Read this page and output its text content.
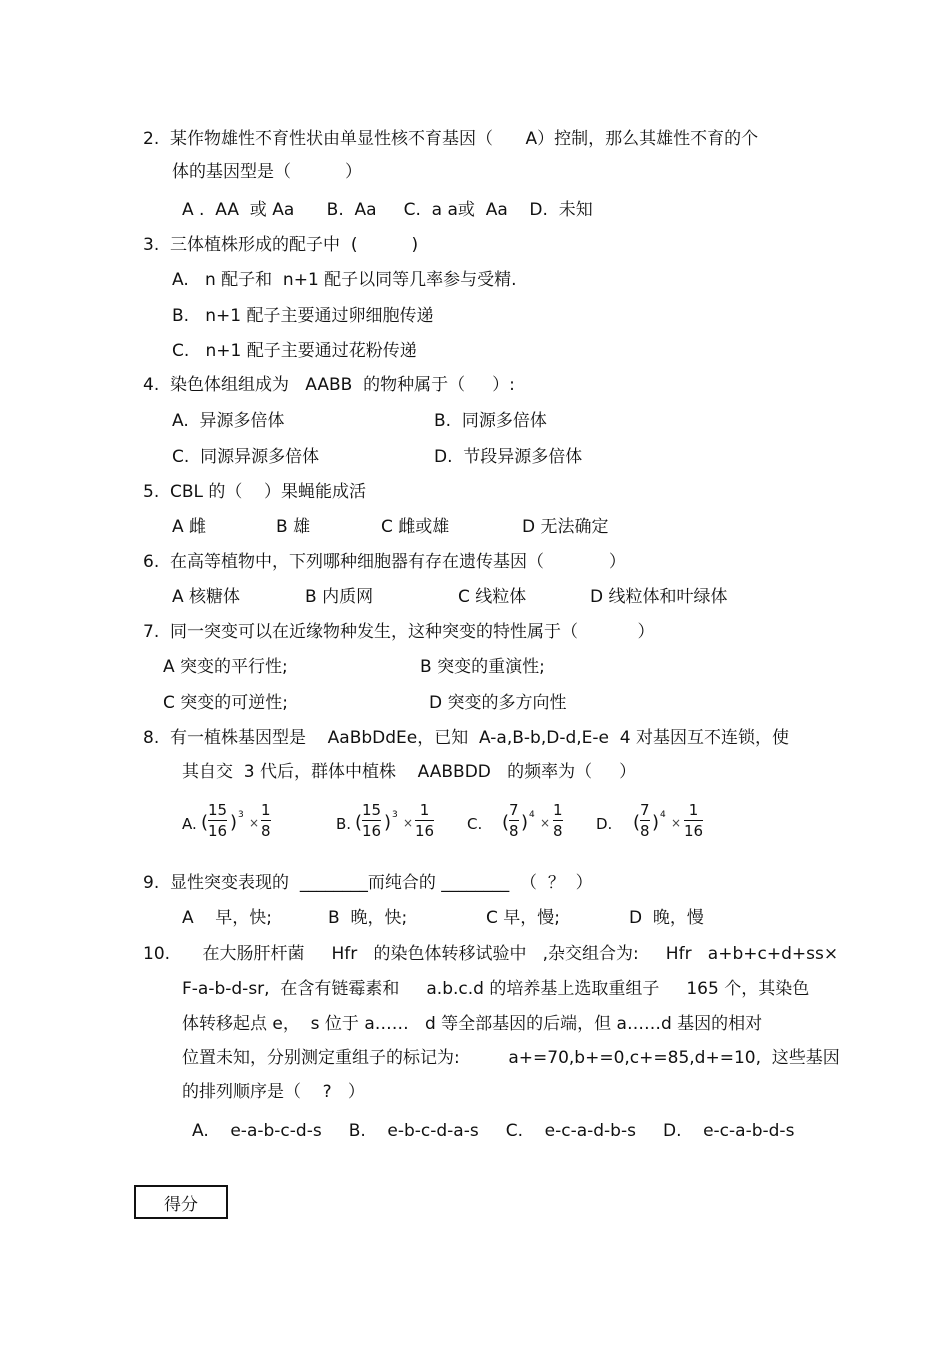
2.  某作物雄性不育性状由单显性核不育基因（      A）控制，那么其雄性不育的个
体的基因型是（          ）
A .  AA  或 Aa      B.  Aa     C.  a a或  Aa    D.  未知
3.  三体植株形成的配子中  (          )
A.   n 配子和  n+1 配子以同等几率参与受精.
B.   n+1 配子主要通过卵细胞传递
C.   n+1 配子主要通过花粉传递
4.  染色体组组成为   AABB  的物种属于（     ）:
A.  异源多倍体	B.  同源多倍体
C.  同源异源多倍体	D.  节段异源多倍体
5.  CBL 的（    ）果蝇能成活
A 雌	B 雄	C 雌或雄	D 无法确定
6.  在高等植物中，下列哪种细胞器有存在遗传基因（            ）
A 核糖体	B 内质网	C 线粒体	D 线粒体和叶绿体
7.  同一突变可以在近缘物种发生，这种突变的特性属于（           ）
A 突变的平行性;	B 突变的重演性;
C 突变的可逆性;	D 突变的多方向性
8.  有一植株基因型是    AaBbDdEe，已知  A-a,B-b,D-d,E-e  4 对基因互不连锁，使
其自交  3 代后，群体中植株    AABBDD   的频率为（     ）
A. (
15
16 ) 3
×
1
8	B. (
15
16 ) 3
×
1
16 C. (
7
8 ) 4
×
1
8 D. (
7
8 ) 4
×
1
16
9.  显性突变表现的  ________而纯合的 ________  （  ？  ）
A    早，快;	B  晚，快;	C 早，慢;	D  晚，慢
10.      在大肠肝杆菌     Hfr   的染色体转移试验中   ,杂交组合为:     Hfr   a+b+c+d+ss×
F-a-b-d-sr,  在含有链霉素和     a.b.c.d 的培养基上选取重组子     165 个，其染色
体转移起点 e，  s 位于 a……   d 等全部基因的后端，但 a……d 基因的相对
位置未知，分别测定重组子的标记为:         a+=70,b+=0,c+=85,d+=10,  这些基因
的排列顺序是（    ?   ）
A.    e-a-b-c-d-s     B.    e-b-c-d-a-s     C.    e-c-a-d-b-s     D.    e-c-a-b-d-s
得分
